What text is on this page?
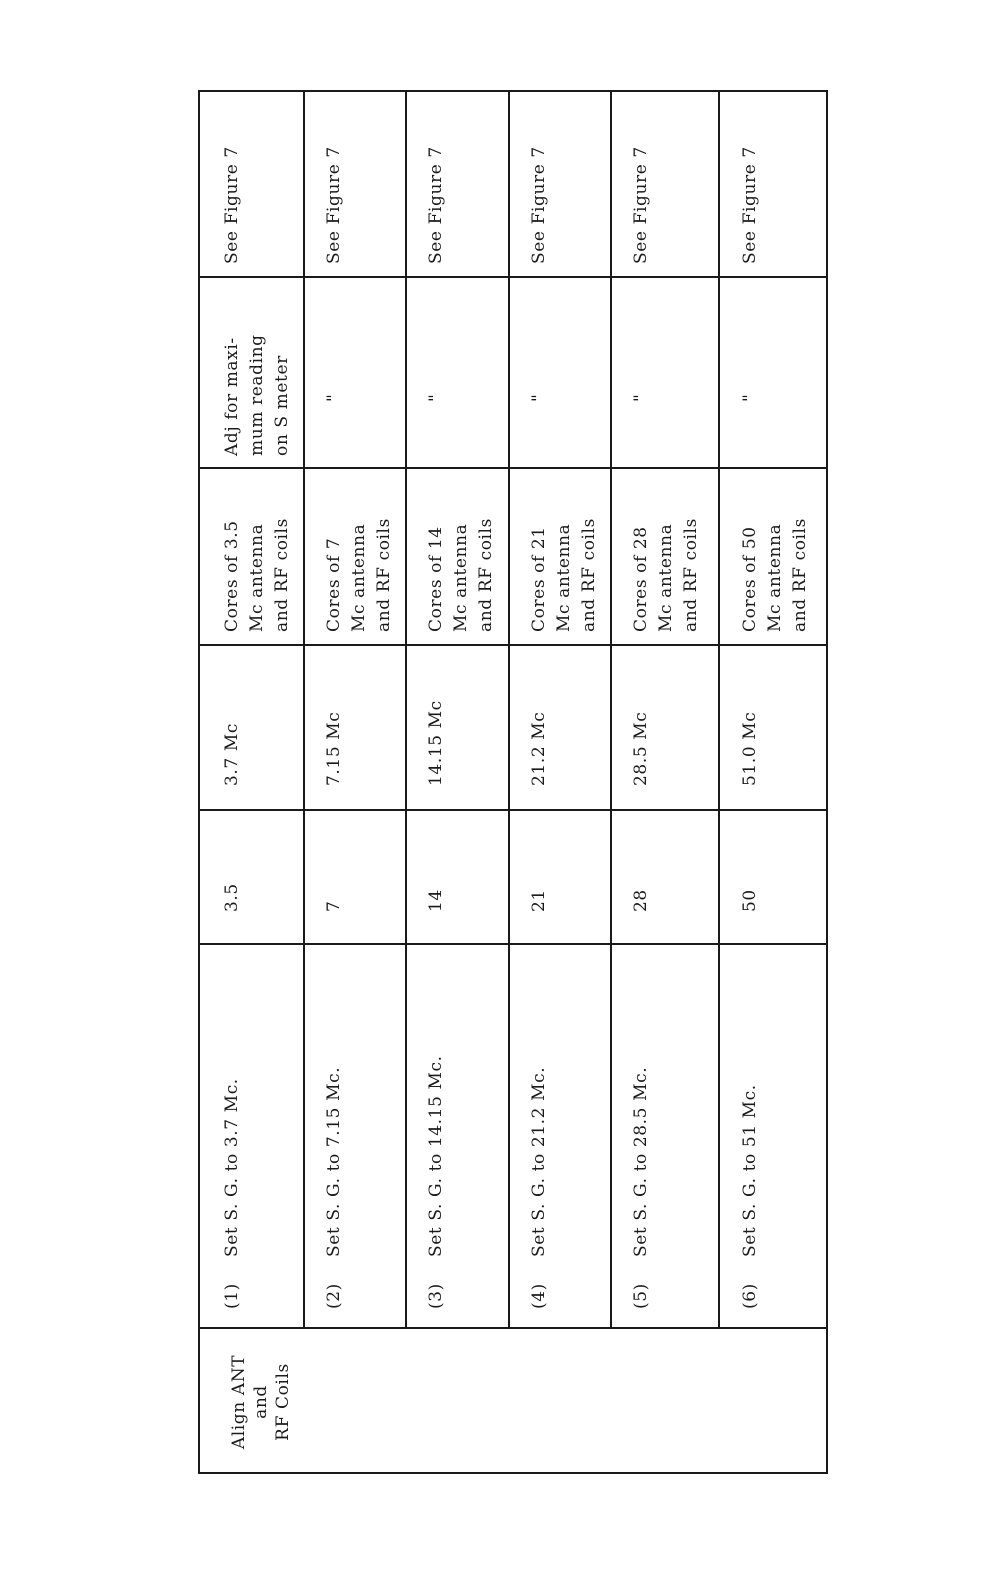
Align ANT
and
RF Coils
(1)
Set S. G. to 3.7 Mc.
3.5
3.7 Mc
Cores of 3.5
Mc antenna
and RF coils
Adj for maxi-
mum reading
on S meter
See Figure 7
(2)
Set S. G. to 7.15 Mc.
7
7.15 Mc
Cores of 7
Mc antenna
and RF coils
"
See Figure 7
(3)
Set S. G. to 14.15 Mc.
14
14.15 Mc
Cores of 14
Mc antenna
and RF coils
"
See Figure 7
(4)
Set S. G. to 21.2 Mc.
21
21.2 Mc
Cores of 21
Mc antenna
and RF coils
"
See Figure 7
(5)
Set S. G. to 28.5 Mc.
28
28.5 Mc
Cores of 28
Mc antenna
and RF coils
"
See Figure 7
(6)
Set S. G. to 51 Mc.
50
51.0 Mc
Cores of 50
Mc antenna
and RF coils
"
See Figure 7
